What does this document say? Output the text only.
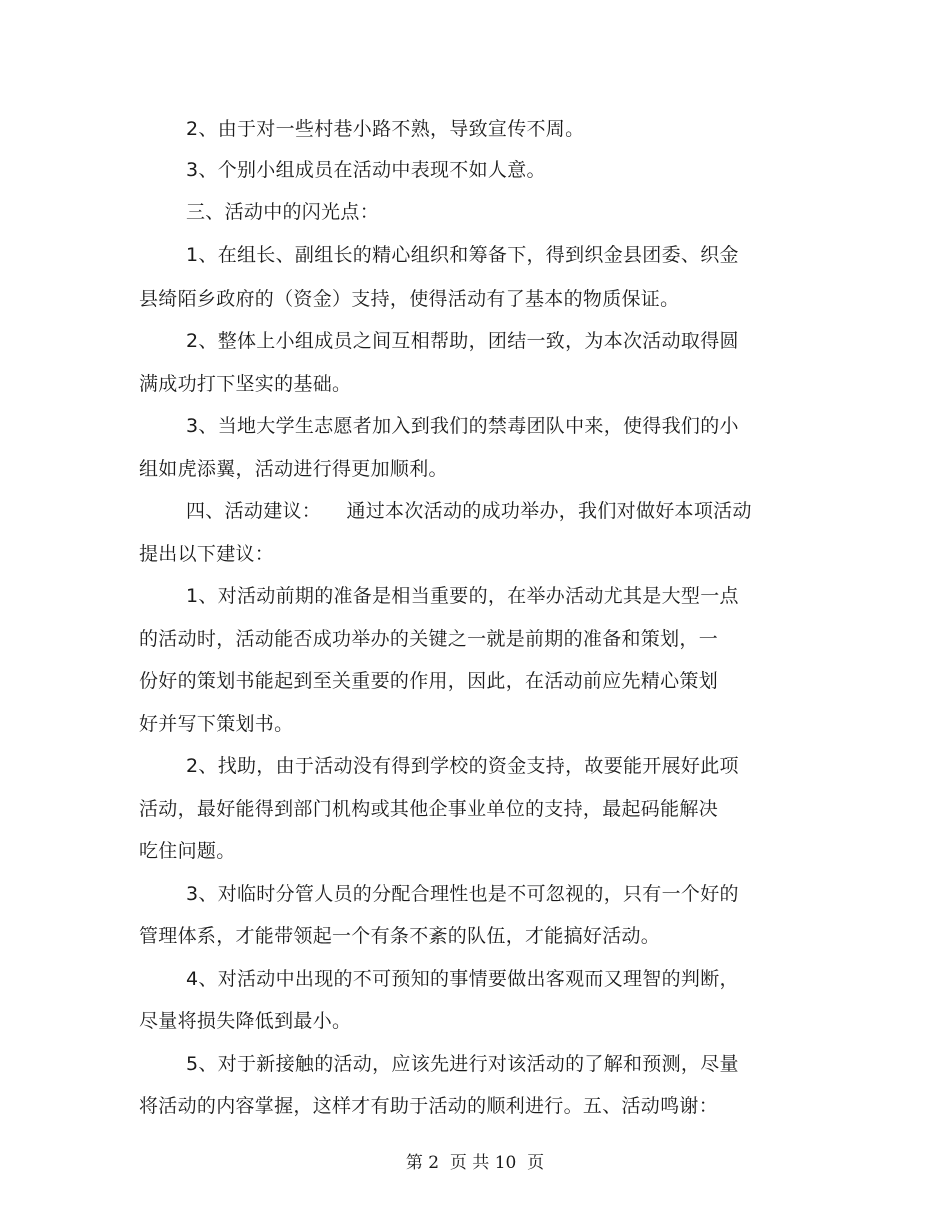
2、由于对一些村巷小路不熟，导致宣传不周。
3、个别小组成员在活动中表现不如人意。
三、活动中的闪光点：
1、在组长、副组长的精心组织和筹备下，得到织金县团委、织金
县绮陌乡政府的（资金）支持，使得活动有了基本的物质保证。
2、整体上小组成员之间互相帮助，团结一致，为本次活动取得圆
满成功打下坚实的基础。
3、当地大学生志愿者加入到我们的禁毒团队中来，使得我们的小
组如虎添翼，活动进行得更加顺利。
四、活动建议：    通过本次活动的成功举办，我们对做好本项活动
提出以下建议：
1、对活动前期的准备是相当重要的，在举办活动尤其是大型一点
的活动时，活动能否成功举办的关键之一就是前期的准备和策划，一
份好的策划书能起到至关重要的作用，因此，在活动前应先精心策划
好并写下策划书。
2、找助，由于活动没有得到学校的资金支持，故要能开展好此项
活动，最好能得到部门机构或其他企事业单位的支持，最起码能解决
吃住问题。
3、对临时分管人员的分配合理性也是不可忽视的，只有一个好的
管理体系，才能带领起一个有条不紊的队伍，才能搞好活动。
4、对活动中出现的不可预知的事情要做出客观而又理智的判断，
尽量将损失降低到最小。
5、对于新接触的活动，应该先进行对该活动的了解和预测，尽量
将活动的内容掌握，这样才有助于活动的顺利进行。五、活动鸣谢：
第 2  页 共 10  页
